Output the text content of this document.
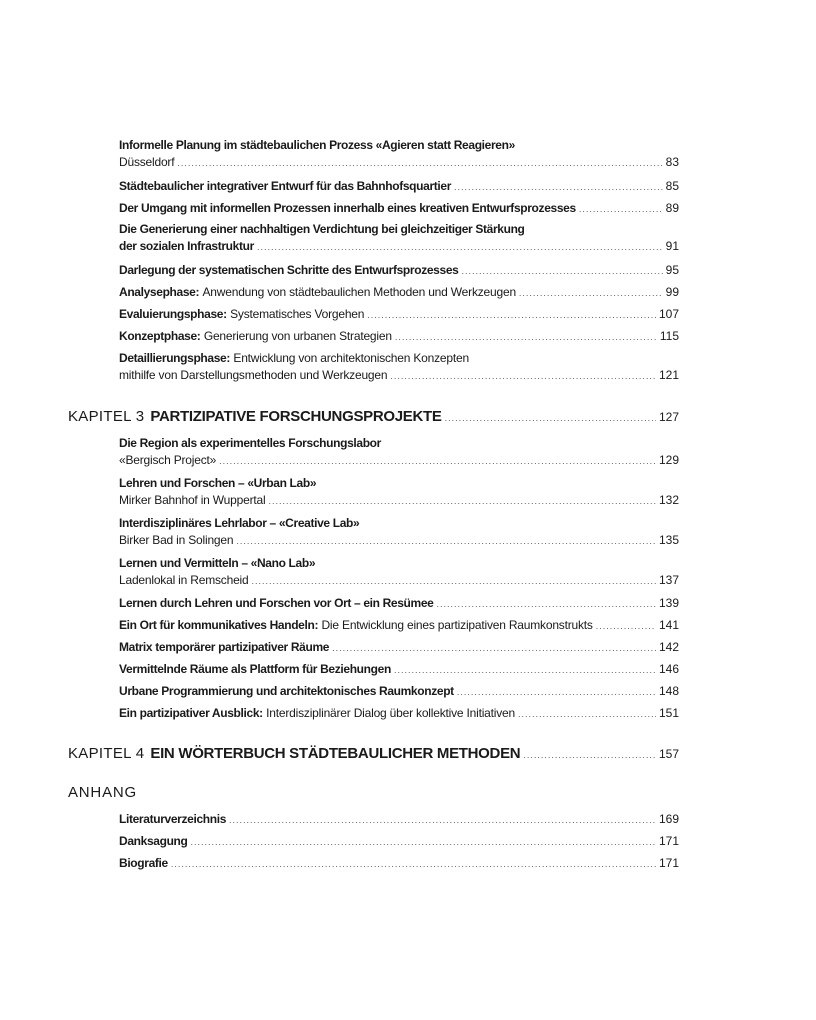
Informelle Planung im städtebaulichen Prozess «Agieren statt Reagieren»
Düsseldorf .....	83
Städtebaulicher integrativer Entwurf für das Bahnhofsquartier .....	85
Der Umgang mit informellen Prozessen innerhalb eines kreativen Entwurfsprozesses .....	89
Die Generierung einer nachhaltigen Verdichtung bei gleichzeitiger Stärkung
der sozialen Infrastruktur .....	91
Darlegung der systematischen Schritte des Entwurfsprozesses .....	95
Analysephase:
Anwendung von städtebaulichen Methoden und Werkzeugen .....	99
Evaluierungsphase:
Systematisches Vorgehen .....	107
Konzeptphase:
Generierung von urbanen Strategien .....	115
Detaillierungsphase: Entwicklung von architektonischen Konzepten
mithilfe von Darstellungsmethoden und Werkzeugen .....	121
KAPITEL 3 PARTIZIPATIVE FORSCHUNGSPROJEKTE .....	127
Die Region als experimentelles Forschungslabor
«Bergisch Project» .....	129
Lehren und Forschen – «Urban Lab»
Mirker Bahnhof in Wuppertal .....	132
Interdisziplinäres Lehrlabor – «Creative Lab»
Birker Bad in Solingen .....	135
Lernen und Vermitteln – «Nano Lab»
Ladenlokal in Remscheid .....	137
Lernen durch Lehren und Forschen vor Ort – ein Resümee .....	139
Ein Ort für kommunikatives Handeln:
Die Entwicklung eines partizipativen Raumkonstrukts .....	141
Matrix temporärer partizipativer Räume .....	142
Vermittelnde Räume als Plattform für Beziehungen .....	146
Urbane Programmierung und architektonisches Raumkonzept .....	148
Ein partizipativer Ausblick:
Interdisziplinärer Dialog über kollektive Initiativen .....	151
KAPITEL 4 EIN WÖRTERBUCH STÄDTEBAULICHER METHODEN .....	157
ANHANG
Literaturverzeichnis .....	169
Danksagung .....	171
Biografie .....	171
